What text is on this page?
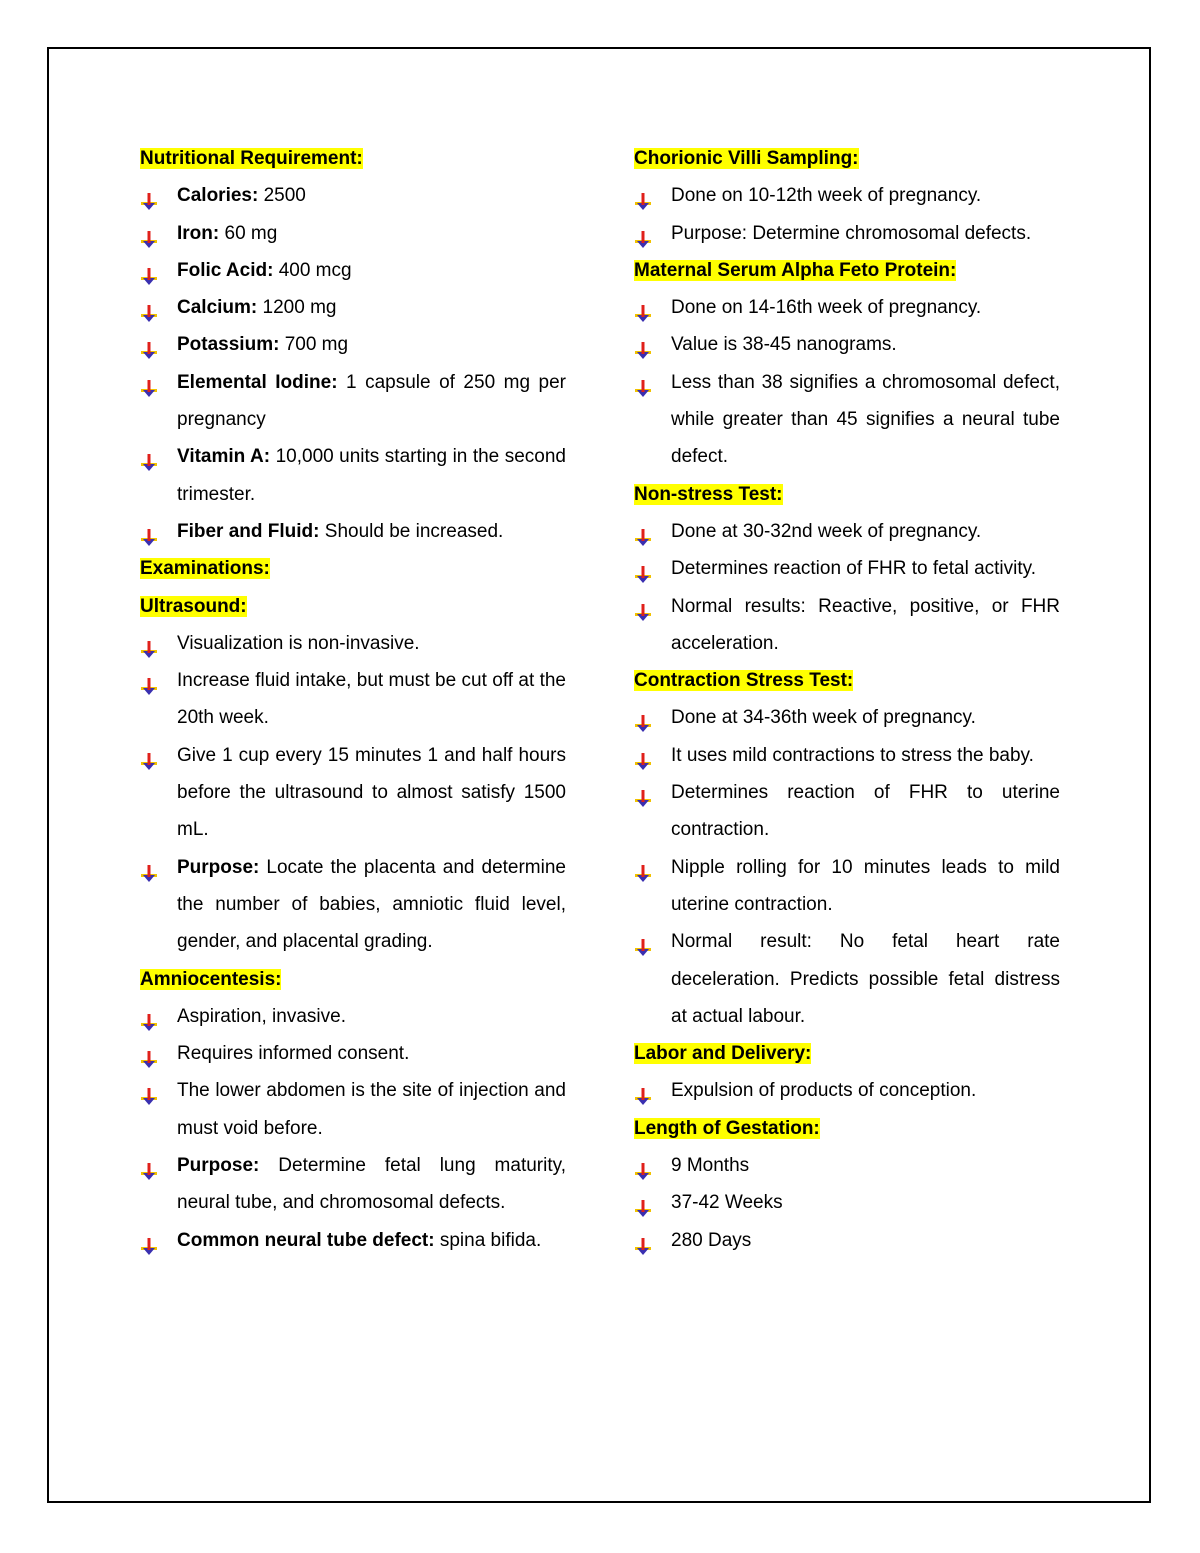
Nutritional Requirement:
Calories: 2500
Iron: 60 mg
Folic Acid: 400 mcg
Calcium: 1200 mg
Potassium: 700 mg
Elemental Iodine: 1 capsule of 250 mg per pregnancy
Vitamin A: 10,000 units starting in the second trimester.
Fiber and Fluid: Should be increased.
Examinations:
Ultrasound:
Visualization is non-invasive.
Increase fluid intake, but must be cut off at the 20th week.
Give 1 cup every 15 minutes 1 and half hours before the ultrasound to almost satisfy 1500 mL.
Purpose: Locate the placenta and determine the number of babies, amniotic fluid level, gender, and placental grading.
Amniocentesis:
Aspiration, invasive.
Requires informed consent.
The lower abdomen is the site of injection and must void before.
Purpose: Determine fetal lung maturity, neural tube, and chromosomal defects.
Common neural tube defect: spina bifida.
Chorionic Villi Sampling:
Done on 10-12th week of pregnancy.
Purpose: Determine chromosomal defects.
Maternal Serum Alpha Feto Protein:
Done on 14-16th week of pregnancy.
Value is 38-45 nanograms.
Less than 38 signifies a chromosomal defect, while greater than 45 signifies a neural tube defect.
Non-stress Test:
Done at 30-32nd week of pregnancy.
Determines reaction of FHR to fetal activity.
Normal results: Reactive, positive, or FHR acceleration.
Contraction Stress Test:
Done at 34-36th week of pregnancy.
It uses mild contractions to stress the baby.
Determines reaction of FHR to uterine contraction.
Nipple rolling for 10 minutes leads to mild uterine contraction.
Normal result: No fetal heart rate deceleration. Predicts possible fetal distress at actual labour.
Labor and Delivery:
Expulsion of products of conception.
Length of Gestation:
9 Months
37-42 Weeks
280 Days
